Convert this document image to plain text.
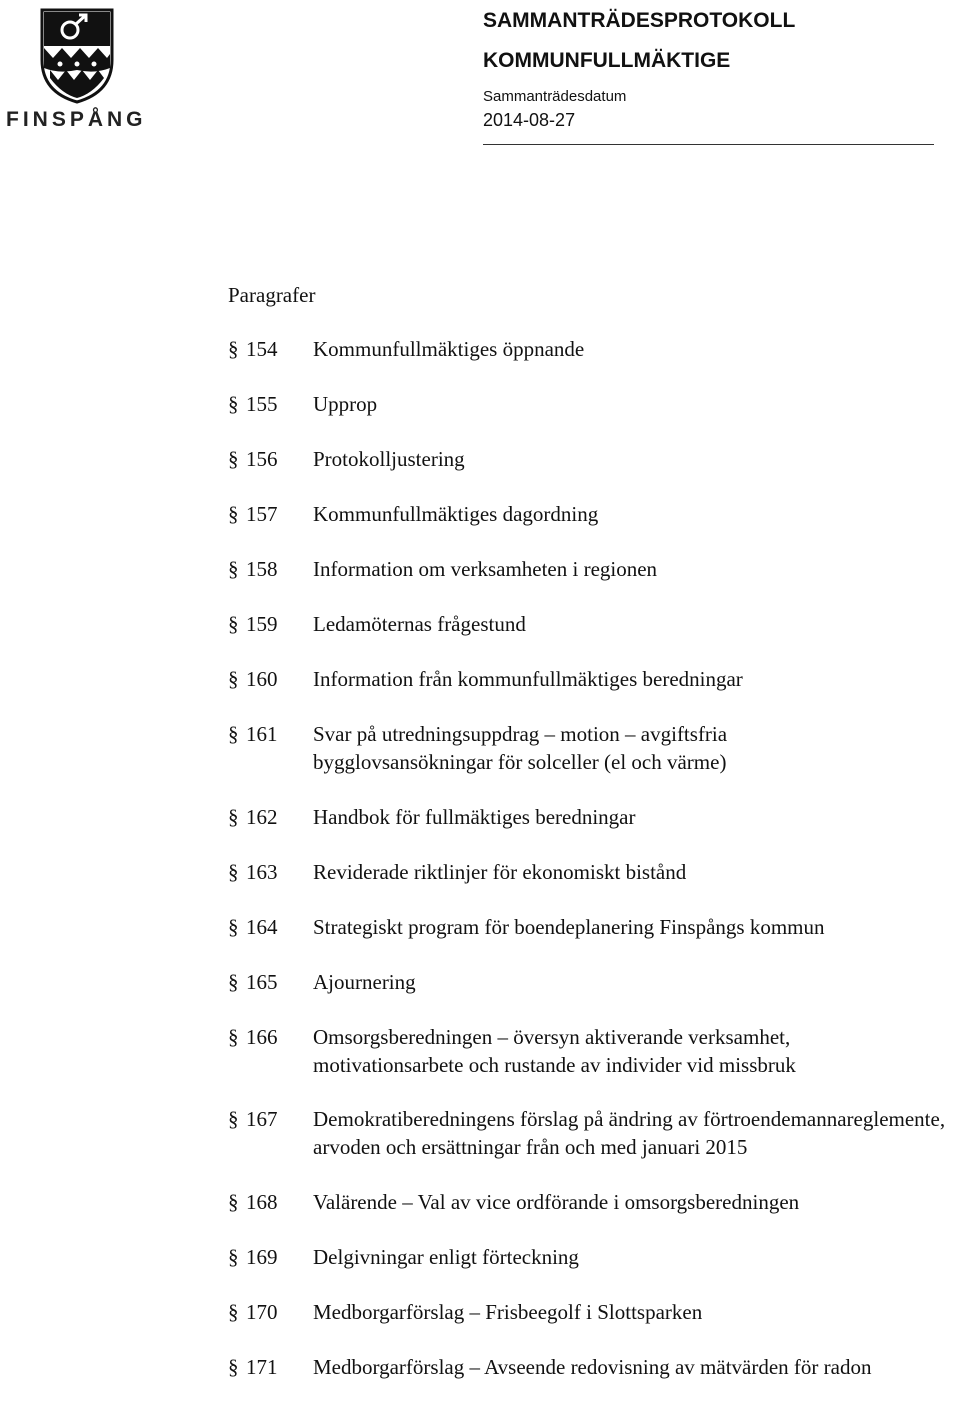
FINSPÅNG
SAMMANTRÄDESPROTOKOLL
KOMMUNFULLMÄKTIGE
Sammanträdesdatum
2014-08-27
Paragrafer
§ 154	Kommunfullmäktiges öppnande
§ 155	Upprop
§ 156	Protokolljustering
§ 157	Kommunfullmäktiges dagordning
§ 158	Information om verksamheten i regionen
§ 159	Ledamöternas frågestund
§ 160	Information från kommunfullmäktiges beredningar
§ 161	Svar på utredningsuppdrag – motion – avgiftsfria bygglovsansökningar för solceller (el och värme)
§ 162	Handbok för fullmäktiges beredningar
§ 163	Reviderade riktlinjer för ekonomiskt bistånd
§ 164	Strategiskt program för boendeplanering Finspångs kommun
§ 165	Ajournering
§ 166	Omsorgsberedningen – översyn aktiverande verksamhet, motivationsarbete och rustande av individer vid missbruk
§ 167	Demokratiberedningens förslag på ändring av förtroendemannareglemente, arvoden och ersättningar från och med januari 2015
§ 168	Valärende – Val av vice ordförande i omsorgsberedningen
§ 169	Delgivningar enligt förteckning
§ 170	Medborgarförslag – Frisbeegolf i Slottsparken
§ 171	Medborgarförslag – Avseende redovisning av mätvärden för radon
